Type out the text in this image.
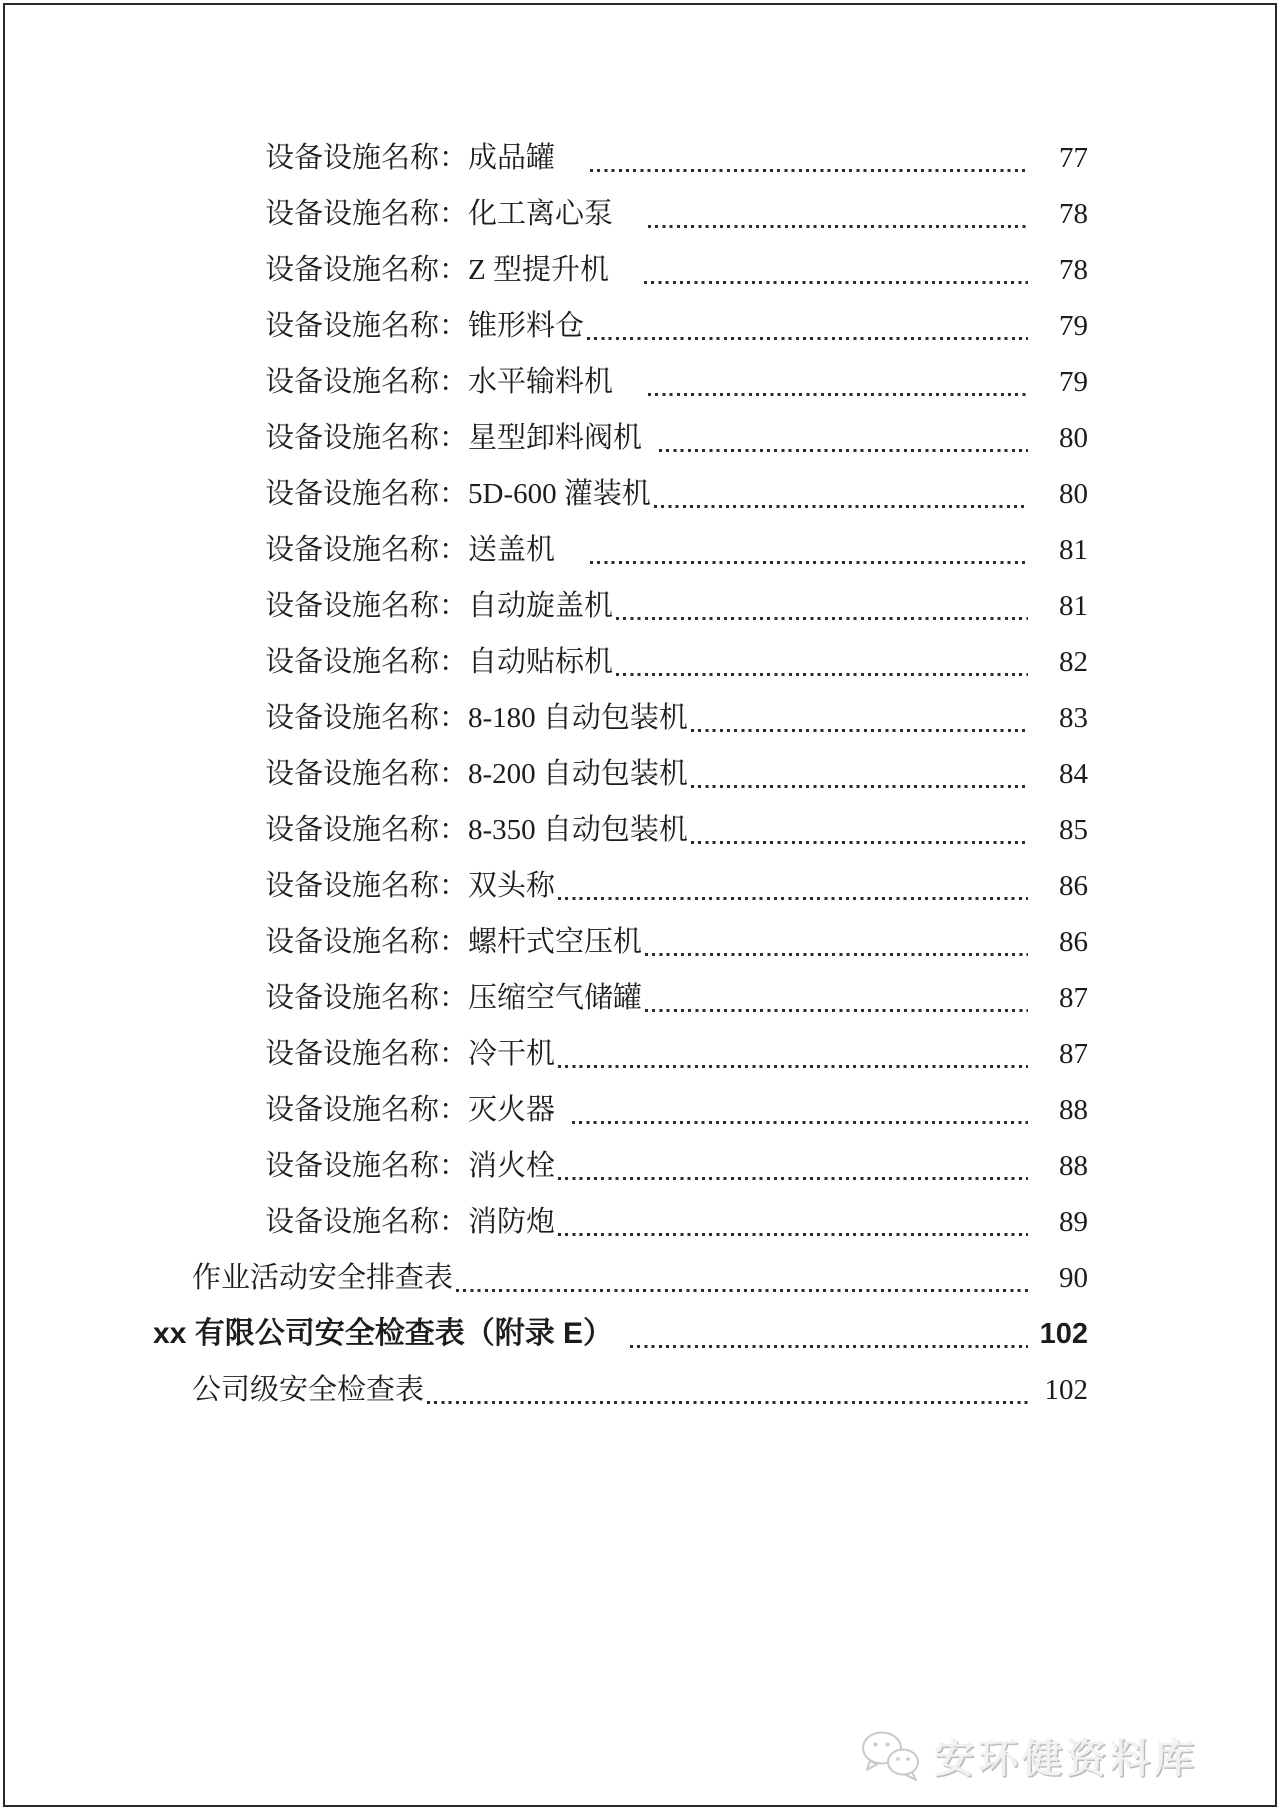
设备设施名称：成品罐	77
设备设施名称：化工离心泵	78
设备设施名称：Z 型提升机	78
设备设施名称：锥形料仓	79
设备设施名称：水平输料机	79
设备设施名称：星型卸料阀机	80
设备设施名称：5D-600 灌装机	80
设备设施名称：送盖机	81
设备设施名称：自动旋盖机	81
设备设施名称：自动贴标机	82
设备设施名称：8-180 自动包装机	83
设备设施名称：8-200 自动包装机	84
设备设施名称：8-350 自动包装机	85
设备设施名称：双头称	86
设备设施名称：螺杆式空压机	86
设备设施名称：压缩空气储罐	87
设备设施名称：冷干机	87
设备设施名称：灭火器	88
设备设施名称：消火栓	88
设备设施名称：消防炮	89
作业活动安全排查表	90
xx 有限公司安全检查表（附录 E）	102
公司级安全检查表	102
安环健资料库
